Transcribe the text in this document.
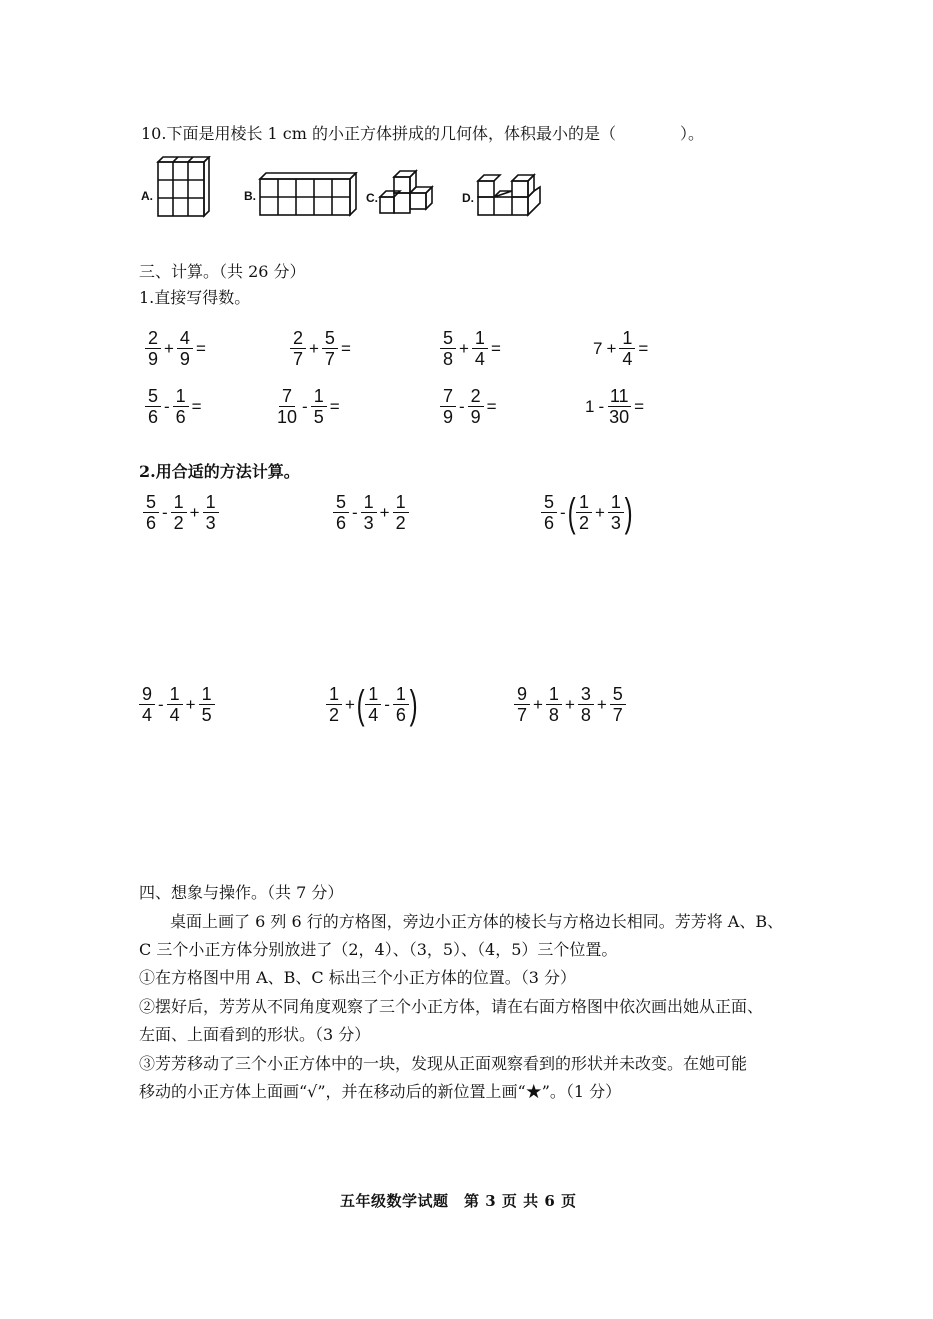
10.下面是用棱长 1 cm 的小正方体拼成的几何体，体积最小的是（　　　　）。
A.	B.	C.	D.
三、计算。（共 26 分）
1.直接写得数。
$\frac{2}{9} + \frac{4}{9}$ =	$\frac{2}{7} + \frac{5}{7}$ =	$\frac{5}{8} + \frac{1}{4}$ =	$7 + \frac{1}{4}$ =
$\frac{5}{6} - \frac{1}{6}$ =	$\frac{7}{10} - \frac{1}{5}$ =	$\frac{7}{9} - \frac{2}{9}$ =	$1 - \frac{11}{30}$ =
2.用合适的方法计算。
$\frac{5}{6} - \frac{1}{2} + \frac{1}{3}$	$\frac{5}{6} - \frac{1}{3} + \frac{1}{2}$	$\frac{5}{6}$ - ( $\frac{1}{2} + \frac{1}{3}$ )
$\frac{9}{4} - \frac{1}{4} + \frac{1}{5}$	$\frac{1}{2}$ + ( $\frac{1}{4} - \frac{1}{6}$ )	$\frac{9}{7} + \frac{1}{8} + \frac{3}{8} + \frac{5}{7}$
四、想象与操作。（共 7 分）
桌面上画了 6 列 6 行的方格图，旁边小正方体的棱长与方格边长相同。芳芳将 A、B、
C 三个小正方体分别放进了（2，4）、（3，5）、（4，5）三个位置。
①在方格图中用 A、B、C 标出三个小正方体的位置。（3 分）
②摆好后，芳芳从不同角度观察了三个小正方体，请在右面方格图中依次画出她从正面、
左面、上面看到的形状。（3 分）
③芳芳移动了三个小正方体中的一块，发现从正面观察看到的形状并未改变。在她可能
移动的小正方体上面画“√”，并在移动后的新位置上画“★”。（1 分）
五年级数学试题　第 3 页 共 6 页
